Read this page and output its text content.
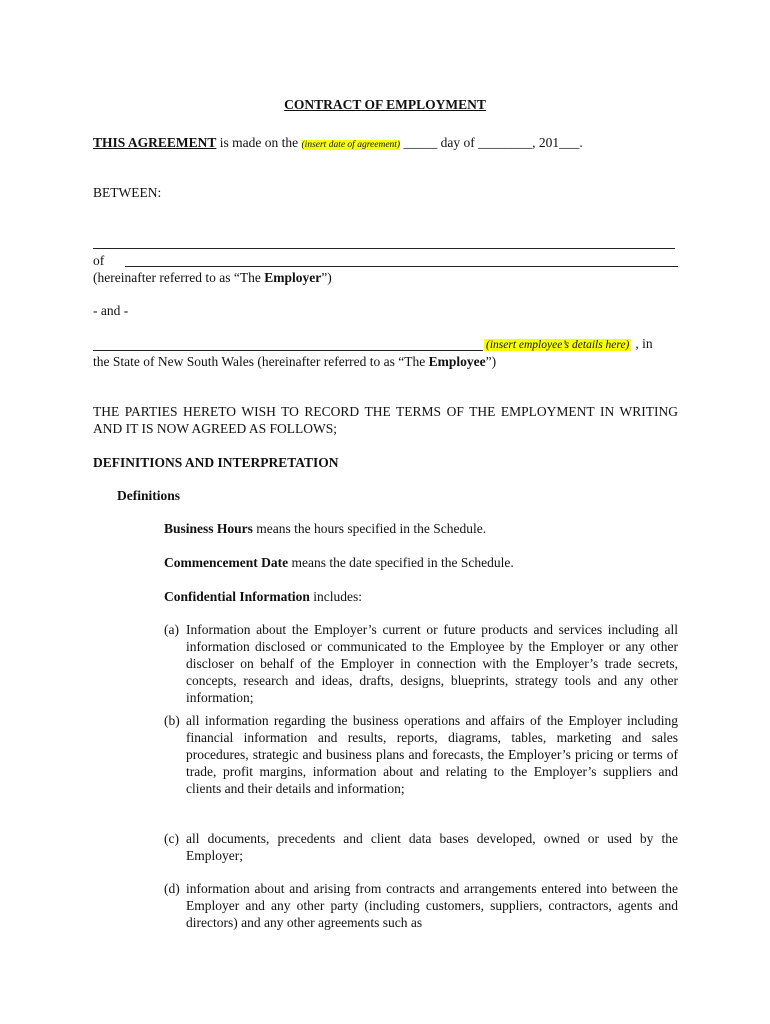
CONTRACT OF EMPLOYMENT
THIS AGREEMENT is made on the (insert date of agreement) _____ day of ________, 201___.
BETWEEN:
of
(hereinafter referred to as “The Employer”)
- and -
(insert employee’s details here) , in
the State of New South Wales (hereinafter referred to as “The Employee”)
THE PARTIES HERETO WISH TO RECORD THE TERMS OF THE EMPLOYMENT IN WRITING AND IT IS NOW AGREED AS FOLLOWS;
DEFINITIONS AND INTERPRETATION
Definitions
Business Hours means the hours specified in the Schedule.
Commencement Date means the date specified in the Schedule.
Confidential Information includes:
(a) Information about the Employer’s current or future products and services including all information disclosed or communicated to the Employee by the Employer or any other discloser on behalf of the Employer in connection with the Employer’s trade secrets, concepts, research and ideas, drafts, designs, blueprints, strategy tools and any other information;
(b) all information regarding the business operations and affairs of the Employer including financial information and results, reports, diagrams, tables, marketing and sales procedures, strategic and business plans and forecasts, the Employer’s pricing or terms of trade, profit margins, information about and relating to the Employer’s suppliers and clients and their details and information;
(c) all documents, precedents and client data bases developed, owned or used by the Employer;
(d) information about and arising from contracts and arrangements entered into between the Employer and any other party (including customers, suppliers, contractors, agents and directors) and any other agreements such as
